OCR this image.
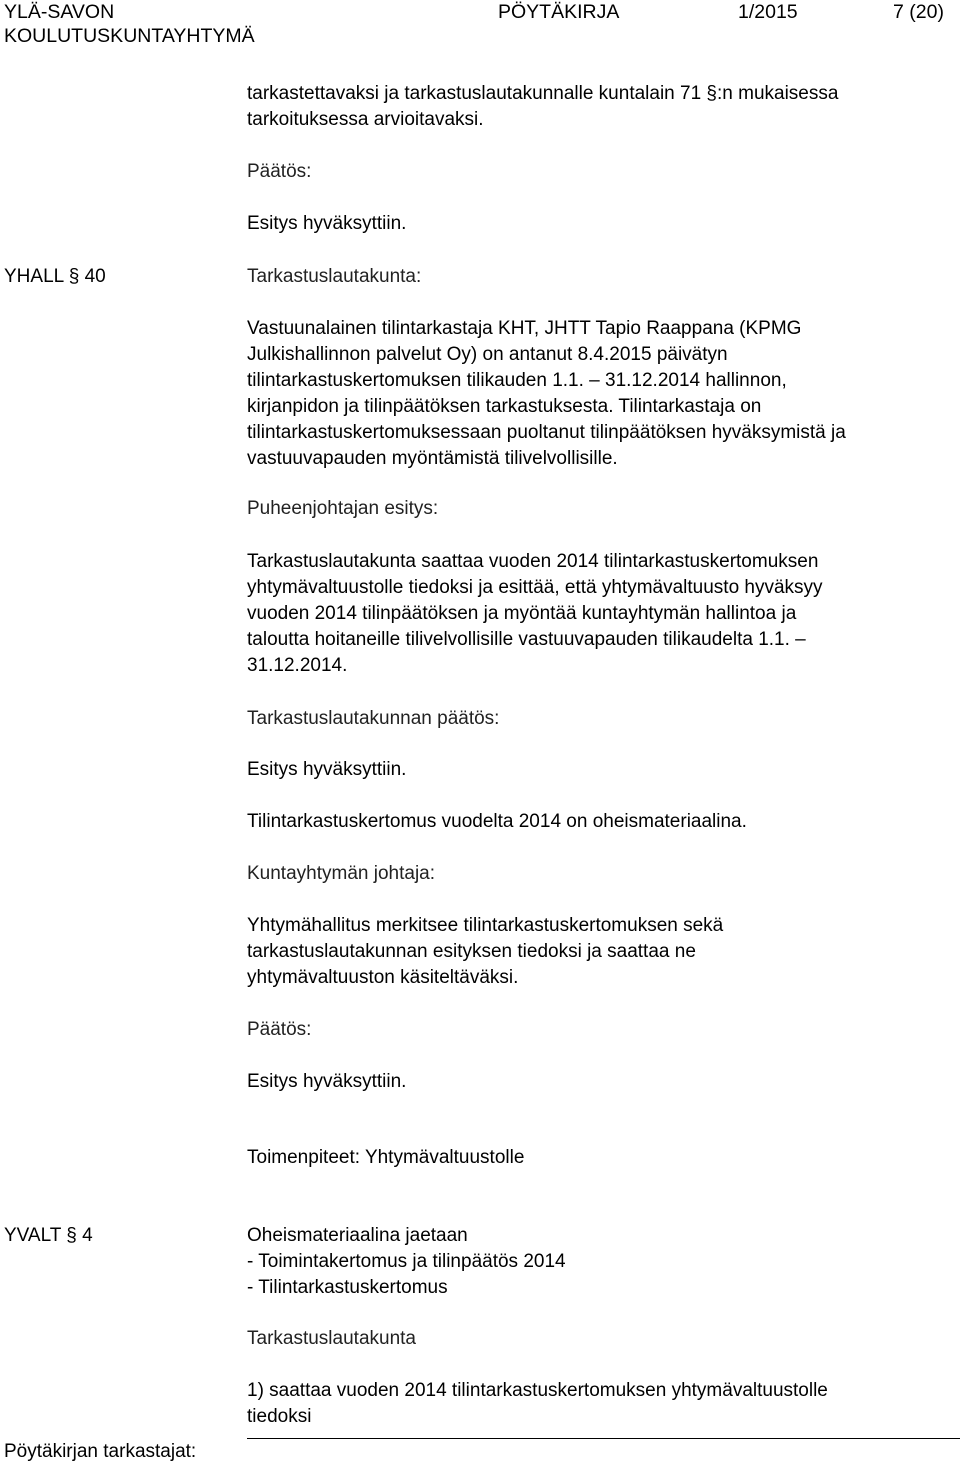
YLÄ-SAVON
KOULUTUSKUNTAYHTYMÄ
PÖYTÄKIRJA	1/2015	7 (20)
tarkastettavaksi ja tarkastuslautakunnalle kuntalain 71 §:n mukaisessa
tarkoituksessa arvioitavaksi.
Päätös:
Esitys hyväksyttiin.
YHALL § 40	Tarkastuslautakunta:
Vastuunalainen tilintarkastaja KHT, JHTT Tapio Raappana (KPMG
Julkishallinnon palvelut Oy) on antanut 8.4.2015 päivätyn
tilintarkastuskertomuksen tilikauden 1.1. – 31.12.2014 hallinnon,
kirjanpidon ja tilinpäätöksen tarkastuksesta. Tilintarkastaja on
tilintarkastuskertomuksessaan puoltanut tilinpäätöksen hyväksymistä ja
vastuuvapauden myöntämistä tilivelvollisille.
Puheenjohtajan esitys:
Tarkastuslautakunta saattaa vuoden 2014 tilintarkastuskertomuksen
yhtymävaltuustolle tiedoksi ja esittää, että yhtymävaltuusto hyväksyy
vuoden 2014 tilinpäätöksen ja myöntää kuntayhtymän hallintoa ja
taloutta hoitaneille tilivelvollisille vastuuvapauden tilikaudelta 1.1. –
31.12.2014.
Tarkastuslautakunnan päätös:
Esitys hyväksyttiin.
Tilintarkastuskertomus vuodelta 2014 on oheismateriaalina.
Kuntayhtymän johtaja:
Yhtymähallitus merkitsee tilintarkastuskertomuksen sekä
tarkastuslautakunnan esityksen tiedoksi ja saattaa ne
yhtymävaltuuston käsiteltäväksi.
Päätös:
Esitys hyväksyttiin.
Toimenpiteet: Yhtymävaltuustolle
YVALT § 4	Oheismateriaalina jaetaan
- Toimintakertomus ja tilinpäätös 2014
- Tilintarkastuskertomus
Tarkastuslautakunta
1) saattaa vuoden 2014 tilintarkastuskertomuksen yhtymävaltuustolle
tiedoksi
Pöytäkirjan tarkastajat:
